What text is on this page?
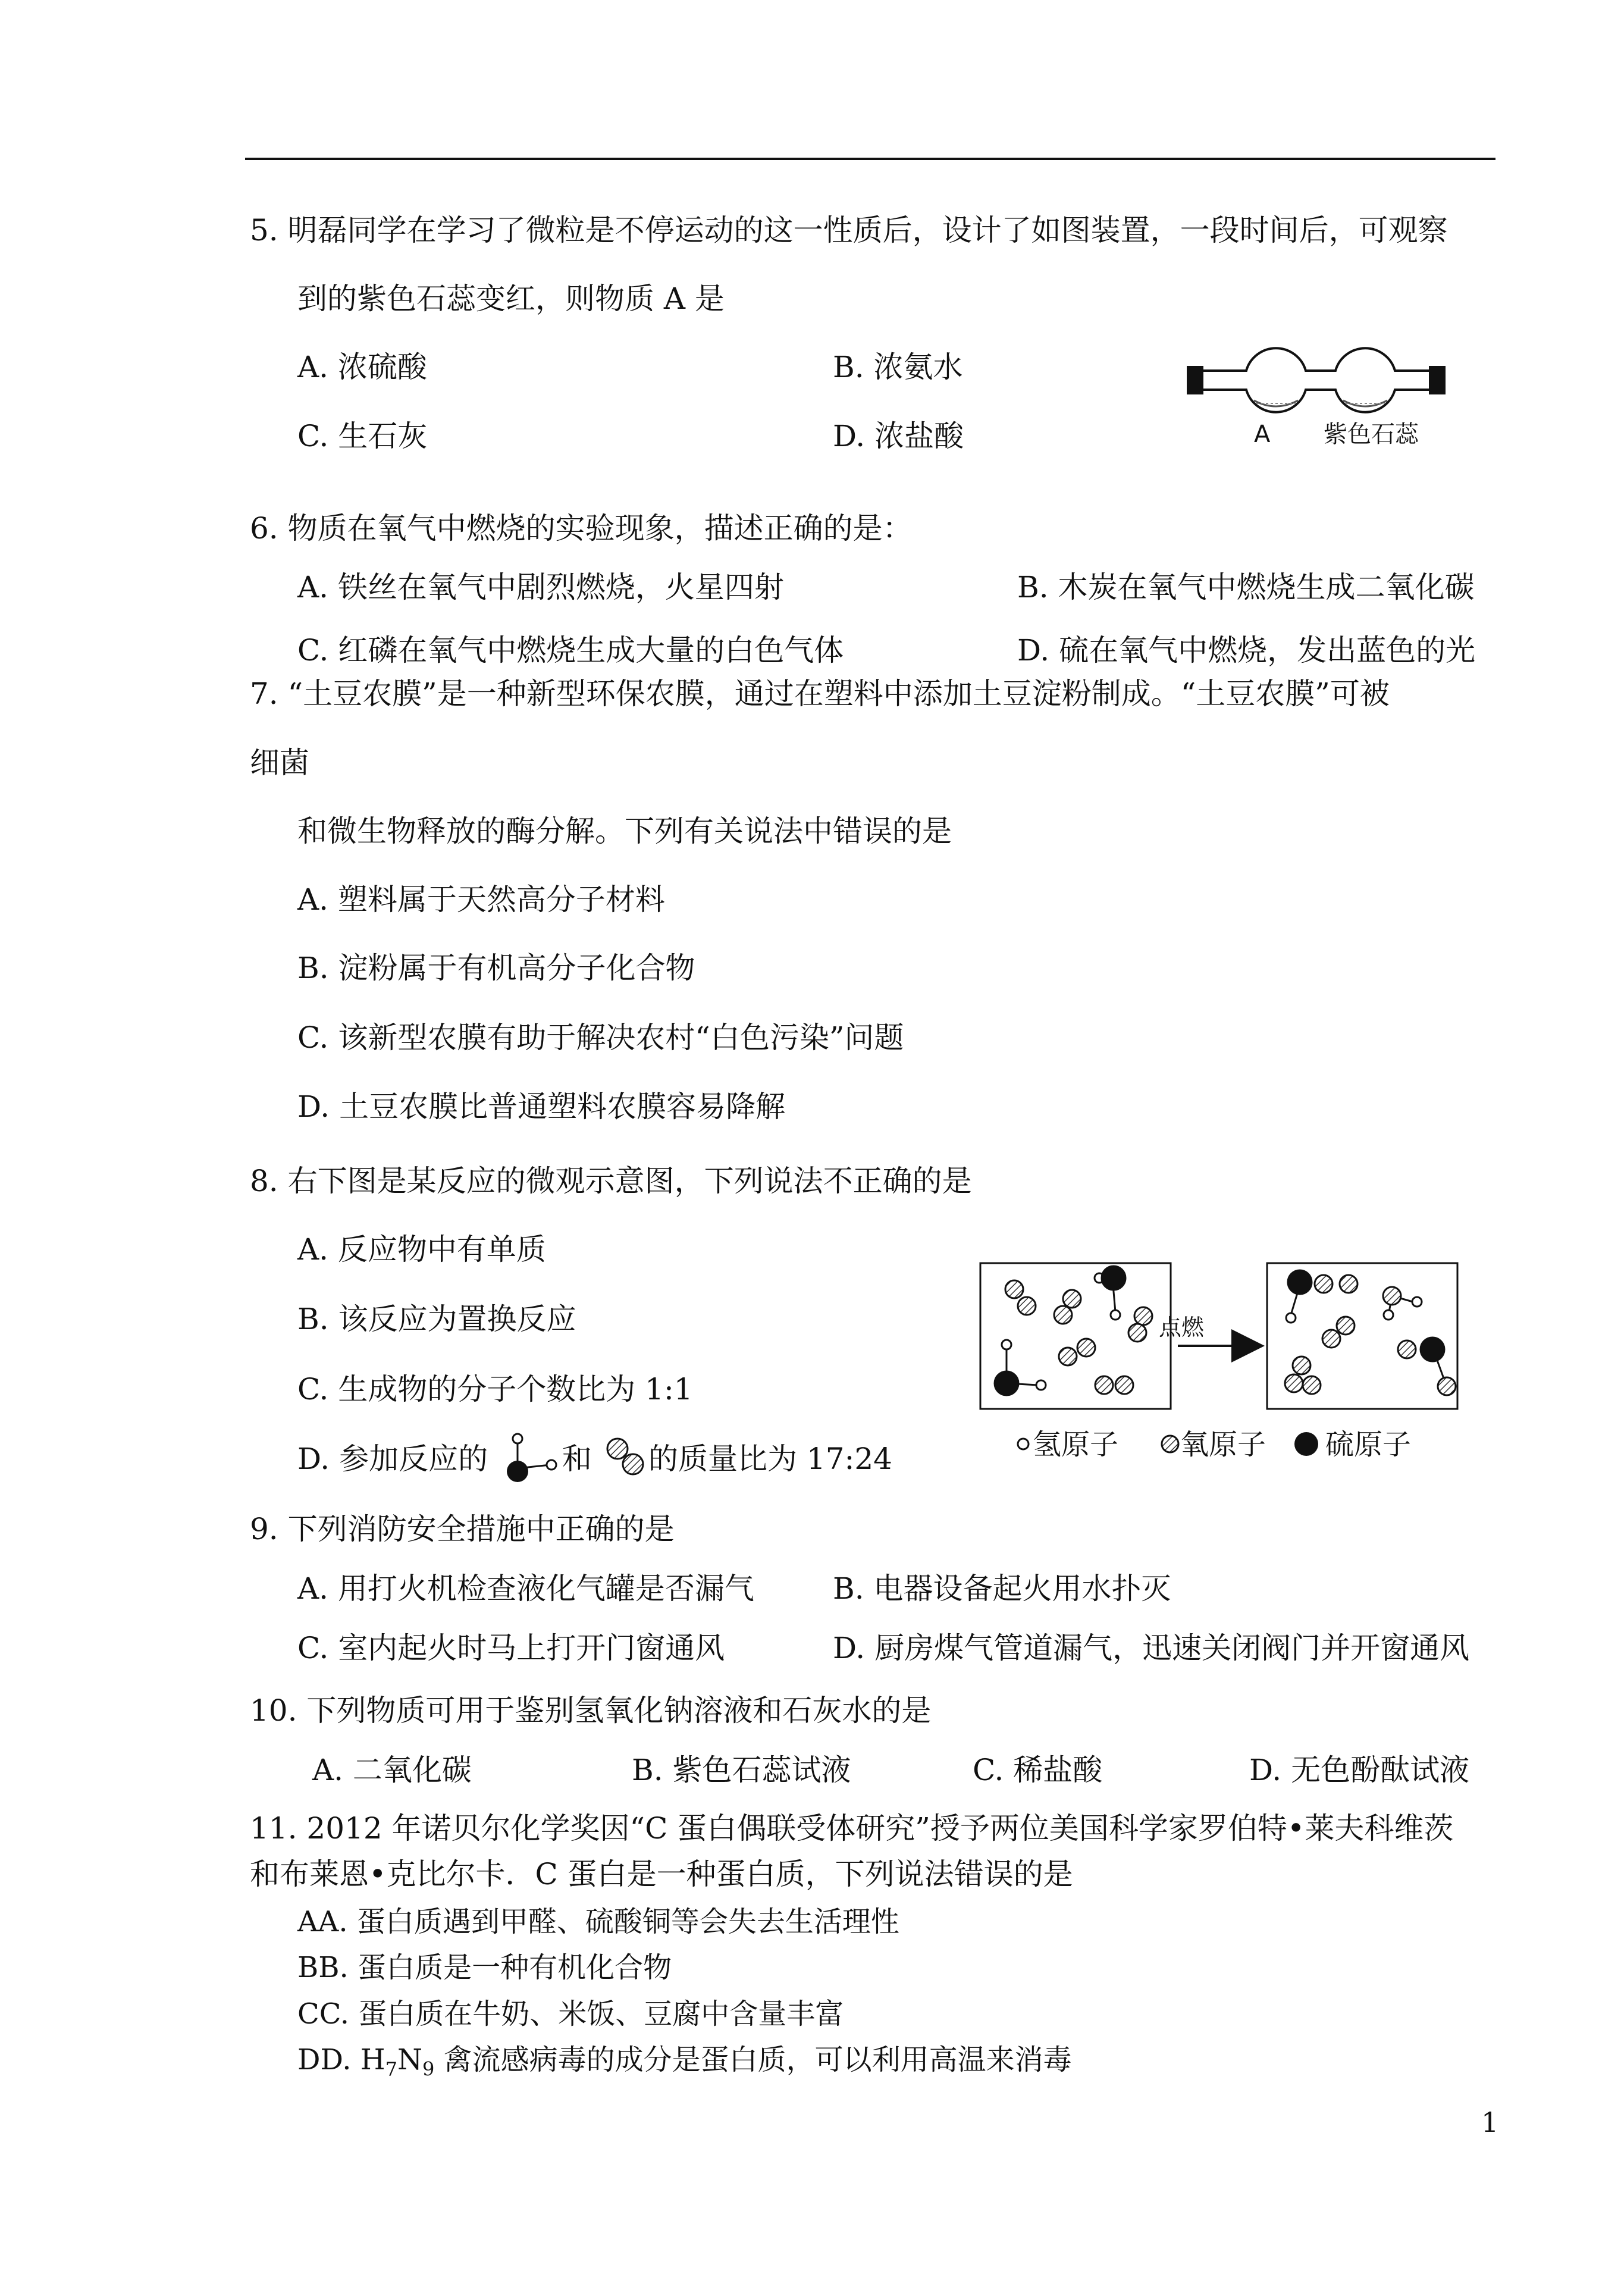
5. 明磊同学在学习了微粒是不停运动的这一性质后，设计了如图装置，一段时间后，可观察
到的紫色石蕊变红，则物质 A 是
A. 浓硫酸	B. 浓氨水
C. 生石灰	D. 浓盐酸	A 紫色石蕊
6. 物质在氧气中燃烧的实验现象，描述正确的是：
A. 铁丝在氧气中剧烈燃烧，火星四射	B. 木炭在氧气中燃烧生成二氧化碳
C. 红磷在氧气中燃烧生成大量的白色气体	D. 硫在氧气中燃烧，发出蓝色的光
7. “土豆农膜”是一种新型环保农膜，通过在塑料中添加土豆淀粉制成。“土豆农膜”可被
细菌
和微生物释放的酶分解。下列有关说法中错误的是
A. 塑料属于天然高分子材料
B. 淀粉属于有机高分子化合物
C. 该新型农膜有助于解决农村“白色污染”问题
D. 土豆农膜比普通塑料农膜容易降解
8. 右下图是某反应的微观示意图，下列说法不正确的是
A. 反应物中有单质
B. 该反应为置换反应
C. 生成物的分子个数比为 1:1
D. 参加反应的 和 的质量比为 17:24
点燃
氢原子 氧原子 硫原子
9. 下列消防安全措施中正确的是
A. 用打火机检查液化气罐是否漏气	B. 电器设备起火用水扑灭
C. 室内起火时马上打开门窗通风	D. 厨房煤气管道漏气，迅速关闭阀门并开窗通风
10. 下列物质可用于鉴别氢氧化钠溶液和石灰水的是
A. 二氧化碳	B. 紫色石蕊试液	C. 稀盐酸	D. 无色酚酞试液
11. 2012 年诺贝尔化学奖因“C 蛋白偶联受体研究”授予两位美国科学家罗伯特•莱夫科维茨
和布莱恩•克比尔卡．C 蛋白是一种蛋白质，下列说法错误的是
AA. 蛋白质遇到甲醛、硫酸铜等会失去生活理性
BB. 蛋白质是一种有机化合物
CC. 蛋白质在牛奶、米饭、豆腐中含量丰富
DD. $H_7N_9$ 禽流感病毒的成分是蛋白质，可以利用高温来消毒
1
